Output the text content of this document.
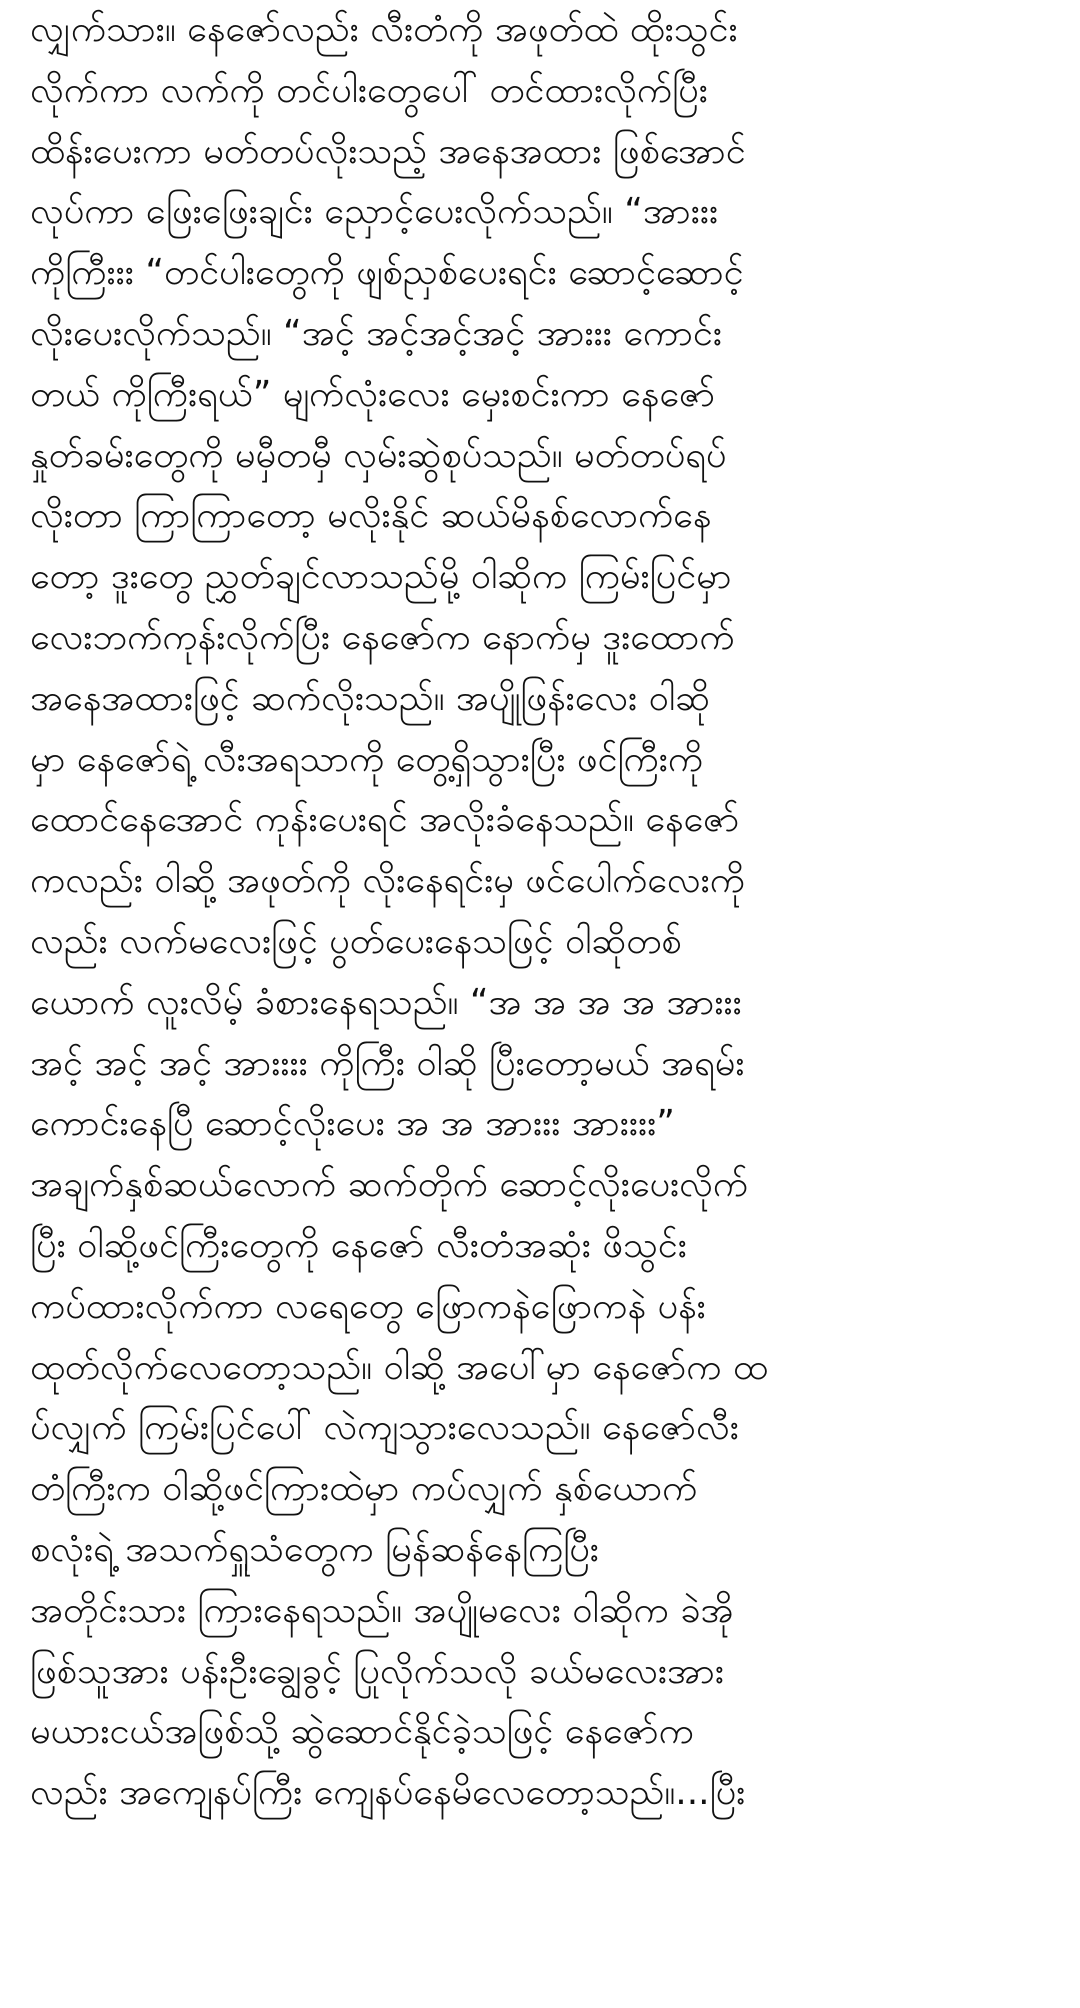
လျှက်သား။ နေဇော်လည်း လီးတံကို အဖုတ်ထဲ ထိုးသွင်း
လိုက်ကာ လက်ကို တင်ပါးတွေပေါ် တင်ထားလိုက်ပြီး
ထိန်းပေးကာ မတ်တပ်လိုးသည့် အနေအထား ဖြစ်အောင်
လုပ်ကာ ဖြေးဖြေးချင်း ညှောင့်ပေးလိုက်သည်။ “အားးး
ကိုကြီးးး “တင်ပါးတွေကို ဖျစ်ညှစ်ပေးရင်း ဆောင့်ဆောင့်
လိုးပေးလိုက်သည်။ “အင့် အင့်အင့်အင့် အားးး ကောင်း
တယ် ကိုကြီးရယ်” မျက်လုံးလေး မှေးစင်းကာ နေဇော်
နှုတ်ခမ်းတွေကို မမှီတမှီ လှမ်းဆွဲစုပ်သည်။ မတ်တပ်ရပ်
လိုးတာ ကြာကြာတော့ မလိုးနိုင် ဆယ်မိနစ်လောက်နေ
တော့ ဒူးတွေ ညွှတ်ချင်လာသည်မို့ ဝါဆိုက ကြမ်းပြင်မှာ
လေးဘက်ကုန်းလိုက်ပြီး နေဇော်က နောက်မှ ဒူးထောက်
အနေအထားဖြင့် ဆက်လိုးသည်။ အပျိုဖြန်းလေး ဝါဆို
မှာ နေဇော်ရဲ့ လီးအရသာကို တွေ့ရှိသွားပြီး ဖင်ကြီးကို
ထောင်နေအောင် ကုန်းပေးရင် အလိုးခံနေသည်။ နေဇော်
ကလည်း ဝါဆို့ အဖုတ်ကို လိုးနေရင်းမှ ဖင်ပေါက်လေးကို
လည်း လက်မလေးဖြင့် ပွတ်ပေးနေသဖြင့် ဝါဆိုတစ်
ယောက် လူးလိမ့် ခံစားနေရသည်။ “အ အ အ အ အားးး
အင့် အင့် အင့် အားးးး ကိုကြီး ဝါဆို ပြီးတော့မယ် အရမ်း
ကောင်းနေပြီ ဆောင့်လိုးပေး အ အ အားးး အားးးး”
အချက်နှစ်ဆယ်လောက် ဆက်တိုက် ဆောင့်လိုးပေးလိုက်
ပြီး ဝါဆို့ဖင်ကြီးတွေကို နေဇော် လီးတံအဆုံး ဖိသွင်း
ကပ်ထားလိုက်ကာ လရေတွေ ဖြောကနဲဖြောကနဲ ပန်း
ထုတ်လိုက်လေတော့သည်။ ဝါဆို့ အပေါ်မှာ နေဇော်က ထ
ပ်လျှက် ကြမ်းပြင်ပေါ် လဲကျသွားလေသည်။ နေဇော်လီး
တံကြီးက ဝါဆို့ဖင်ကြားထဲမှာ ကပ်လျှက် နှစ်ယောက်
စလုံးရဲ့ အသက်ရှူသံတွေက မြန်ဆန်နေကြပြီး
အတိုင်းသား ကြားနေရသည်။ အပျိုမလေး ဝါဆိုက ခဲအို
ဖြစ်သူအား ပန်းဦးချွေခွင့် ပြုလိုက်သလို ခယ်မလေးအား
မယားငယ်အဖြစ်သို့ ဆွဲဆောင်နိုင်ခဲ့သဖြင့် နေဇော်က
လည်း အကျေနပ်ကြီး ကျေနပ်နေမိလေတော့သည်။...ပြီး
